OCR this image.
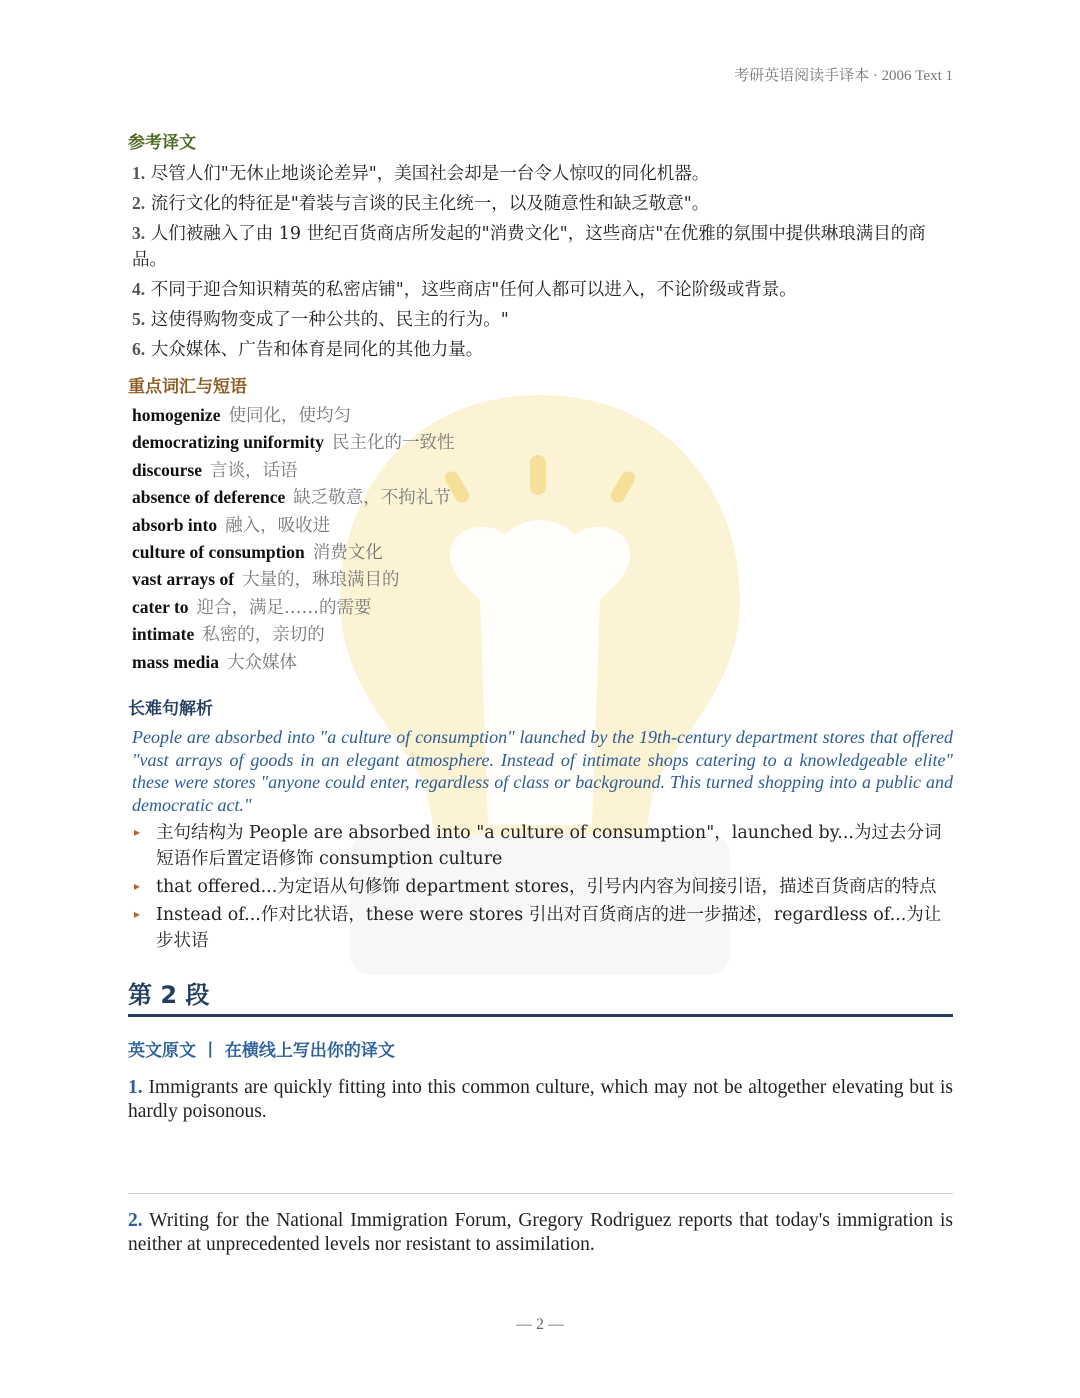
考研英语阅读手译本 · 2006 Text 1
参考译文
1. 尽管人们"无休止地谈论差异"，美国社会却是一台令人惊叹的同化机器。
2. 流行文化的特征是"着装与言谈的民主化统一，以及随意性和缺乏敬意"。
3. 人们被融入了由 19 世纪百货商店所发起的"消费文化"，这些商店"在优雅的氛围中提供琳琅满目的商品。
4. 不同于迎合知识精英的私密店铺"，这些商店"任何人都可以进入，不论阶级或背景。
5. 这使得购物变成了一种公共的、民主的行为。"
6. 大众媒体、广告和体育是同化的其他力量。
重点词汇与短语
homogenize 使同化，使均匀
democratizing uniformity 民主化的一致性
discourse 言谈，话语
absence of deference 缺乏敬意，不拘礼节
absorb into 融入，吸收进
culture of consumption 消费文化
vast arrays of 大量的，琳琅满目的
cater to 迎合，满足……的需要
intimate 私密的，亲切的
mass media 大众媒体
长难句解析
People are absorbed into "a culture of consumption" launched by the 19th-century department stores that offered "vast arrays of goods in an elegant atmosphere. Instead of intimate shops catering to a knowledgeable elite" these were stores "anyone could enter, regardless of class or background. This turned shopping into a public and democratic act."
▸ 主句结构为 People are absorbed into "a culture of consumption"，launched by...为过去分词短语作后置定语修饰 consumption culture
▸ that offered...为定语从句修饰 department stores，引号内内容为间接引语，描述百货商店的特点
▸ Instead of...作对比状语，these were stores 引出对百货商店的进一步描述，regardless of...为让步状语
第 2 段
英文原文 丨 在横线上写出你的译文
1. Immigrants are quickly fitting into this common culture, which may not be altogether elevating but is hardly poisonous.
2. Writing for the National Immigration Forum, Gregory Rodriguez reports that today's immigration is neither at unprecedented levels nor resistant to assimilation.
— 2 —
